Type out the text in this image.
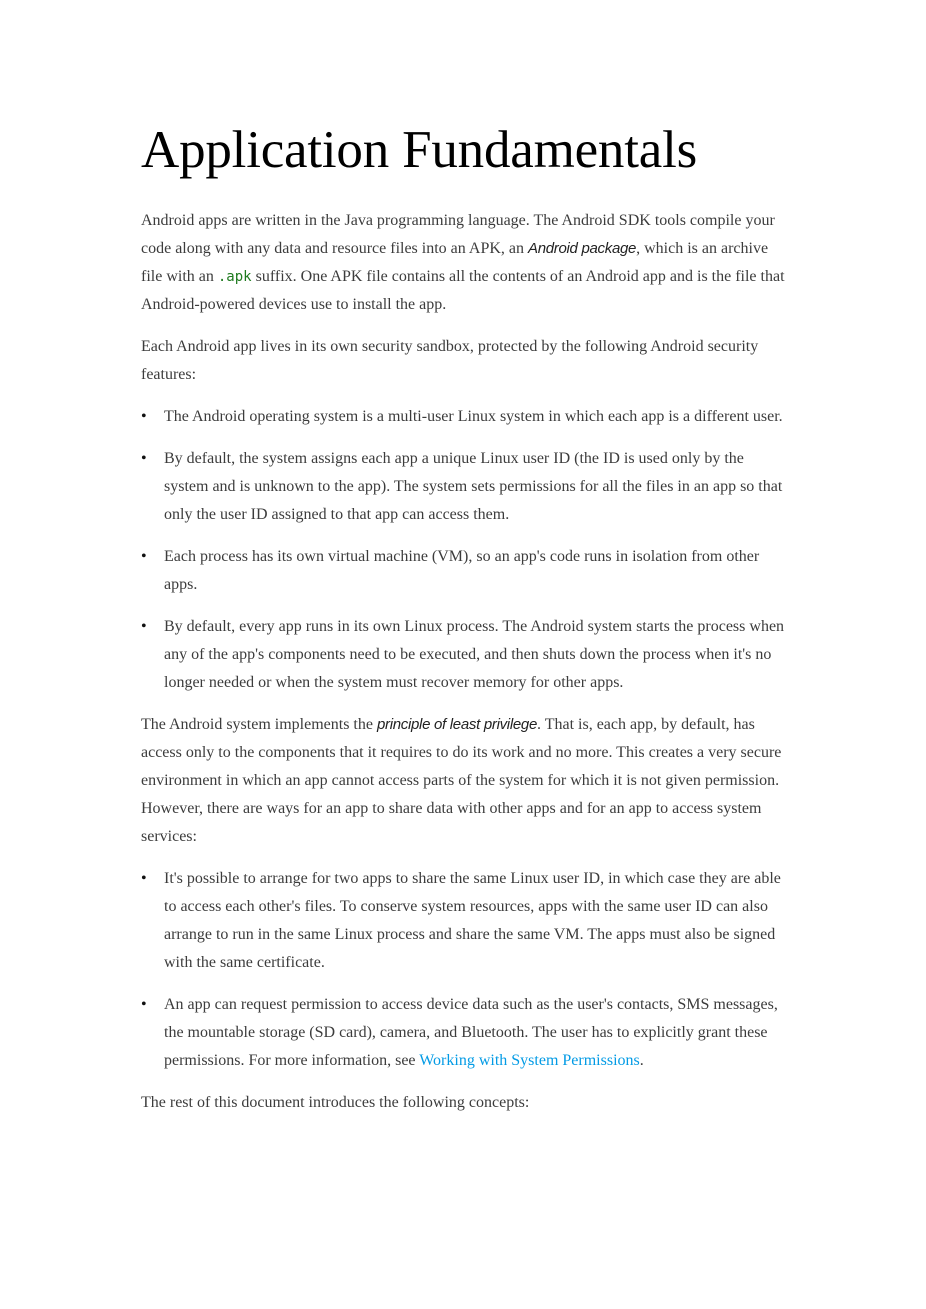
Application Fundamentals

Android apps are written in the Java programming language. The Android SDK tools compile your code along with any data and resource files into an APK, an Android package, which is an archive file with an .apk suffix. One APK file contains all the contents of an Android app and is the file that Android-powered devices use to install the app.

Each Android app lives in its own security sandbox, protected by the following Android security features:

• The Android operating system is a multi-user Linux system in which each app is a different user.
• By default, the system assigns each app a unique Linux user ID (the ID is used only by the system and is unknown to the app). The system sets permissions for all the files in an app so that only the user ID assigned to that app can access them.
• Each process has its own virtual machine (VM), so an app's code runs in isolation from other apps.
• By default, every app runs in its own Linux process. The Android system starts the process when any of the app's components need to be executed, and then shuts down the process when it's no longer needed or when the system must recover memory for other apps.

The Android system implements the principle of least privilege. That is, each app, by default, has access only to the components that it requires to do its work and no more. This creates a very secure environment in which an app cannot access parts of the system for which it is not given permission. However, there are ways for an app to share data with other apps and for an app to access system services:

• It's possible to arrange for two apps to share the same Linux user ID, in which case they are able to access each other's files. To conserve system resources, apps with the same user ID can also arrange to run in the same Linux process and share the same VM. The apps must also be signed with the same certificate.
• An app can request permission to access device data such as the user's contacts, SMS messages, the mountable storage (SD card), camera, and Bluetooth. The user has to explicitly grant these permissions. For more information, see Working with System Permissions.

The rest of this document introduces the following concepts:
